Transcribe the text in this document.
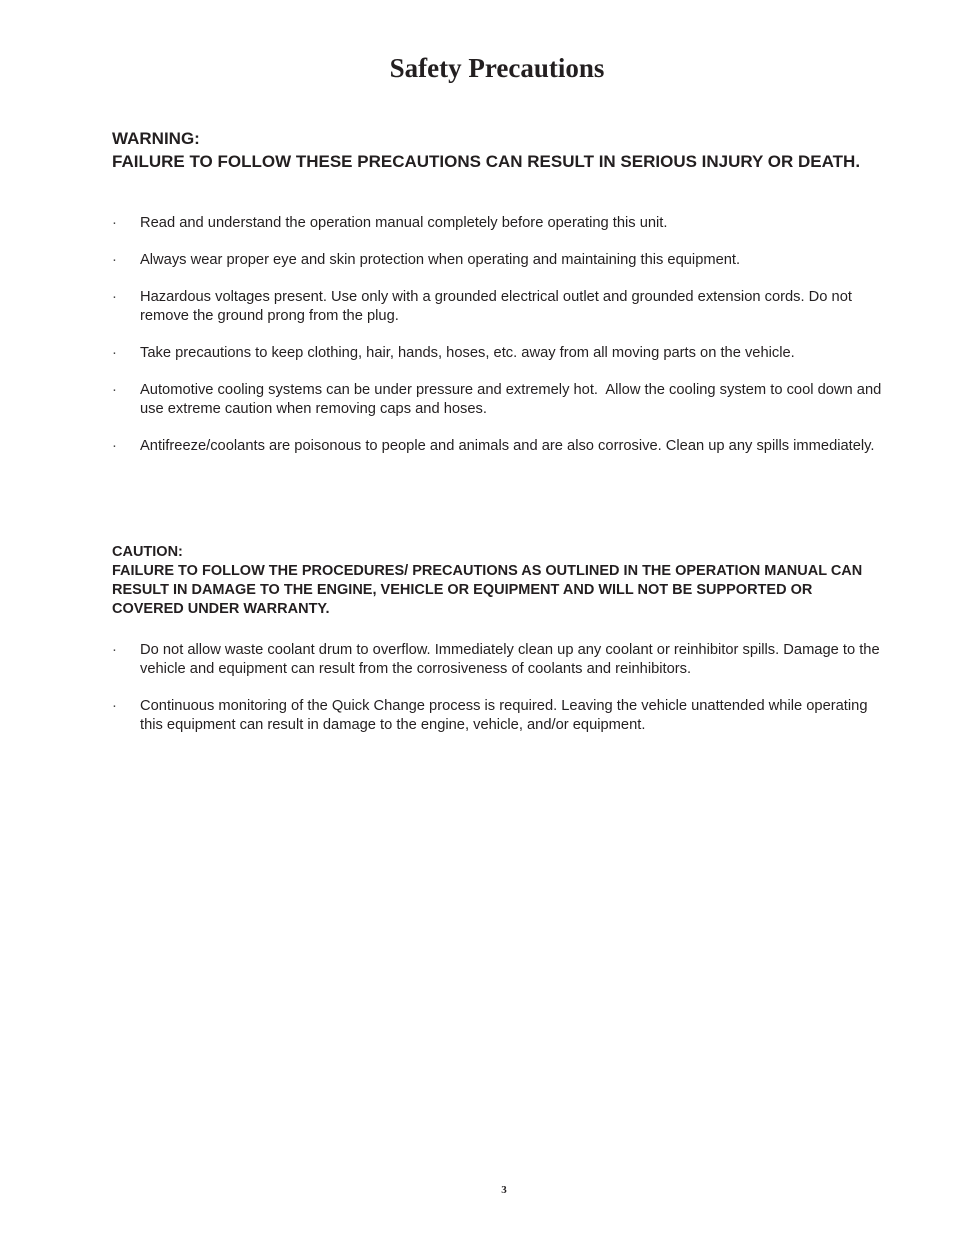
Safety Precautions
WARNING:
FAILURE TO FOLLOW THESE PRECAUTIONS CAN RESULT IN SERIOUS INJURY OR DEATH.
·	Read and understand the operation manual completely before operating this unit.
·	Always wear proper eye and skin protection when operating and maintaining this equipment.
·	Hazardous voltages present. Use only with a grounded electrical outlet and grounded extension cords. Do not remove the ground prong from the plug.
·	Take precautions to keep clothing, hair, hands, hoses, etc. away from all moving parts on the vehicle.
·	Automotive cooling systems can be under pressure and extremely hot.  Allow the cooling system to cool down and    use extreme caution when removing caps and hoses.
·	Antifreeze/coolants are poisonous to people and animals and are also corrosive. Clean up any spills immediately.
CAUTION:
FAILURE TO FOLLOW THE PROCEDURES/ PRECAUTIONS AS OUTLINED IN THE OPERATION MANUAL CAN RESULT IN DAMAGE TO THE ENGINE, VEHICLE OR EQUIPMENT AND WILL NOT BE SUPPORTED OR COVERED UNDER WARRANTY.
·	Do not allow waste coolant drum to overflow. Immediately clean up any coolant or reinhibitor spills. Damage to the vehicle and equipment can result from the corrosiveness of coolants and reinhibitors.
·	Continuous monitoring of the Quick Change process is required. Leaving the vehicle unattended while operating this equipment can result in damage to the engine, vehicle, and/or equipment.
3
